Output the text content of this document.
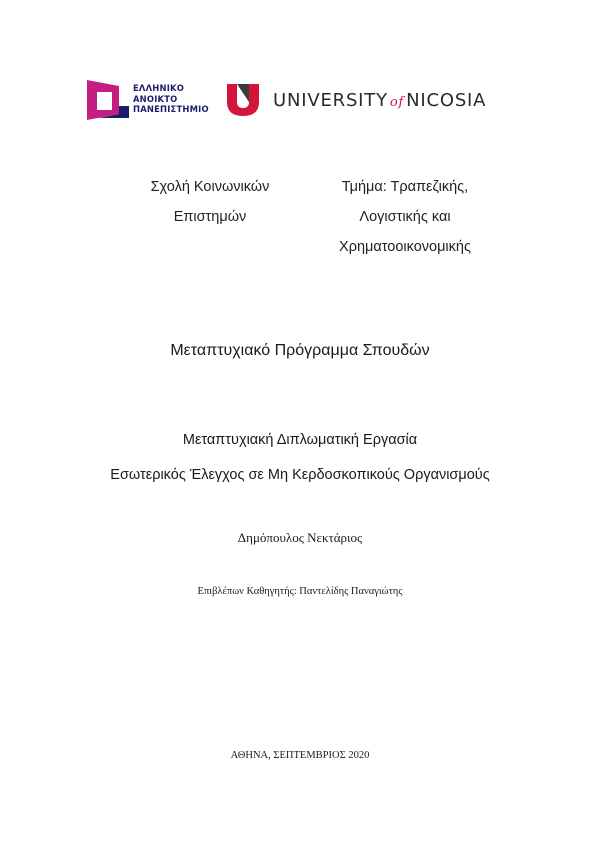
ΕΛΛΗΝΙΚΟ
ΑΝΟΙΚΤΟ
ΠΑΝΕΠΙΣΤΗΜΙΟ	UNIVERSITY of NICOSIA
Σχολή Κοινωνικών
Επιστημών
Τμήμα: Τραπεζικής,
Λογιστικής και
Χρηματοοικονομικής
Μεταπτυχιακό Πρόγραμμα Σπουδών
Μεταπτυχιακή Διπλωματική Εργασία
Εσωτερικός Έλεγχος σε Μη Κερδοσκοπικούς Οργανισμούς
Δημόπουλος Νεκτάριος
Επιβλέπων Καθηγητής: Παντελίδης Παναγιώτης
ΑΘΗΝΑ, ΣΕΠΤΕΜΒΡΙΟΣ 2020
